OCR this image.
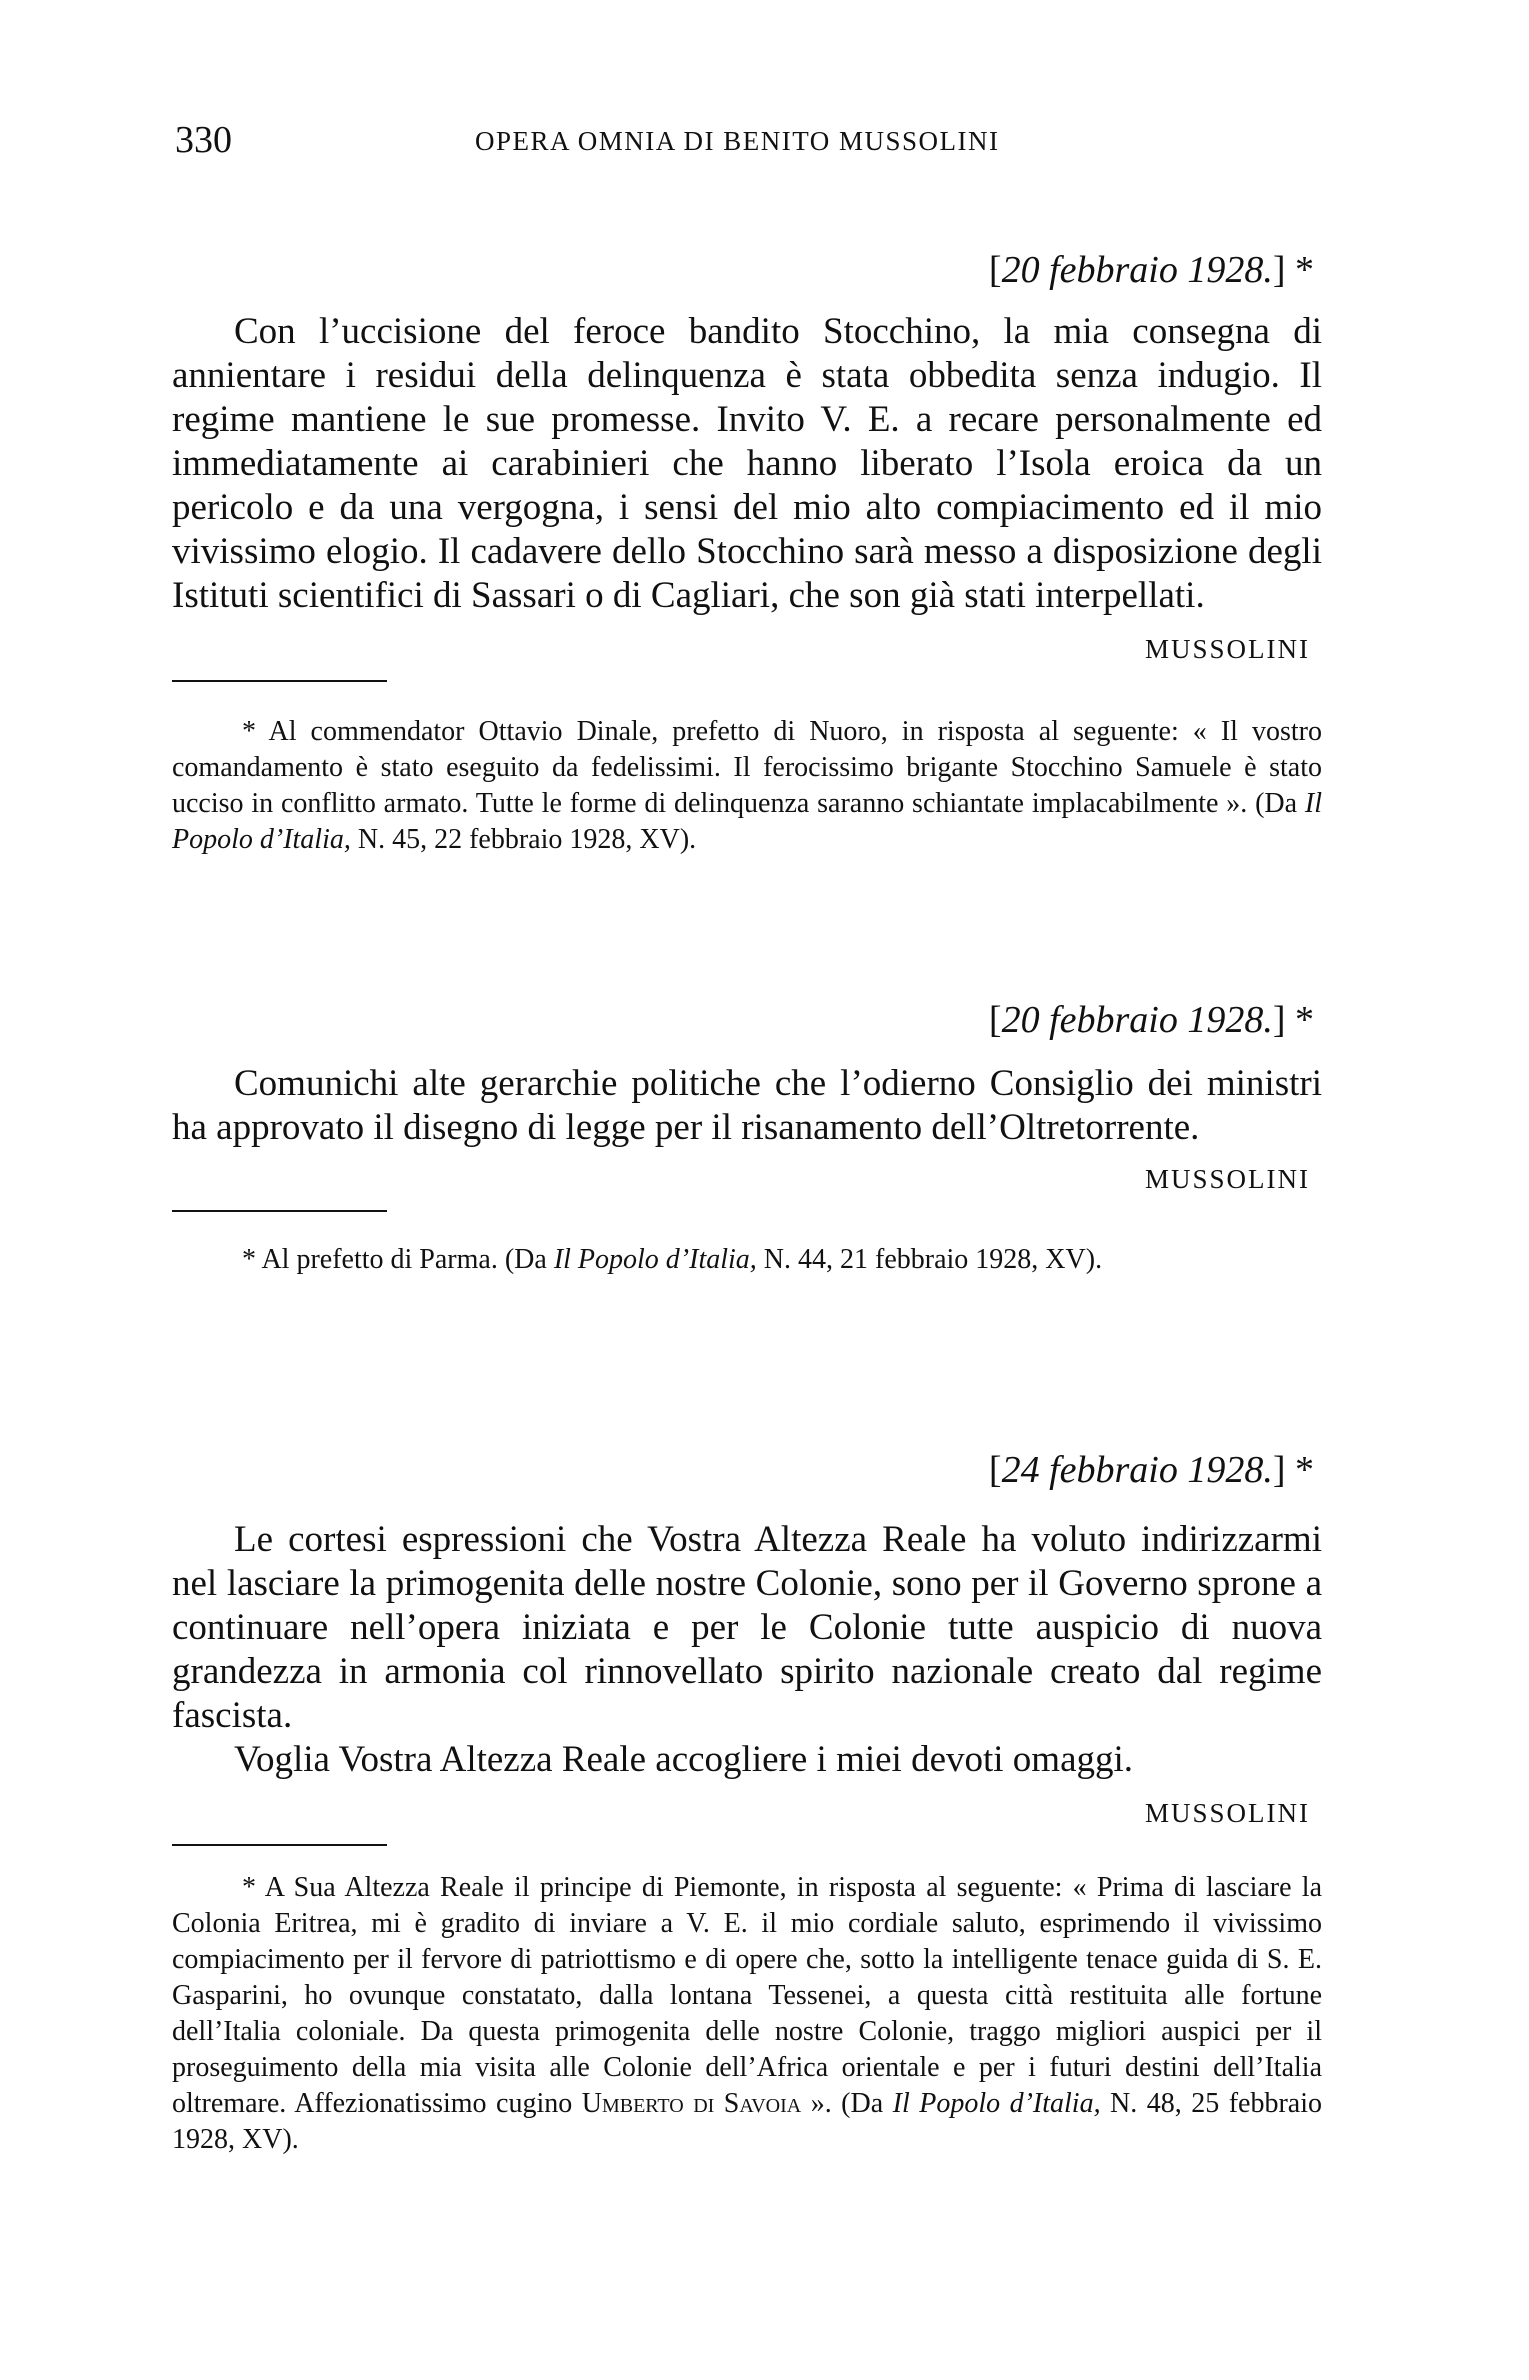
330	OPERA OMNIA DI BENITO MUSSOLINI

[20 febbraio 1928.] *

Con l’uccisione del feroce bandito Stocchino, la mia consegna di annientare i residui della delinquenza è stata obbedita senza indugio. Il regime mantiene le sue promesse. Invito V. E. a recare personalmente ed immediatamente ai carabinieri che hanno liberato l’Isola eroica da un pericolo e da una vergogna, i sensi del mio alto compiacimento ed il mio vivissimo elogio. Il cadavere dello Stocchino sarà messo a disposizione degli Istituti scientifici di Sassari o di Cagliari, che son già stati interpellati.

MUSSOLINI

* Al commendator Ottavio Dinale, prefetto di Nuoro, in risposta al seguente: « Il vostro comandamento è stato eseguito da fedelissimi. Il ferocissimo brigante Stocchino Samuele è stato ucciso in conflitto armato. Tutte le forme di delinquenza saranno schiantate implacabilmente ». (Da Il Popolo d’Italia, N. 45, 22 febbraio 1928, XV).

[20 febbraio 1928.] *

Comunichi alte gerarchie politiche che l’odierno Consiglio dei ministri ha approvato il disegno di legge per il risanamento dell’Oltretorrente.

MUSSOLINI

* Al prefetto di Parma. (Da Il Popolo d’Italia, N. 44, 21 febbraio 1928, XV).

[24 febbraio 1928.] *

Le cortesi espressioni che Vostra Altezza Reale ha voluto indirizzarmi nel lasciare la primogenita delle nostre Colonie, sono per il Governo sprone a continuare nell’opera iniziata e per le Colonie tutte auspicio di nuova grandezza in armonia col rinnovellato spirito nazionale creato dal regime fascista.

Voglia Vostra Altezza Reale accogliere i miei devoti omaggi.

MUSSOLINI

* A Sua Altezza Reale il principe di Piemonte, in risposta al seguente: « Prima di lasciare la Colonia Eritrea, mi è gradito di inviare a V. E. il mio cordiale saluto, esprimendo il vivissimo compiacimento per il fervore di patriottismo e di opere che, sotto la intelligente tenace guida di S. E. Gasparini, ho ovunque constatato, dalla lontana Tessenei, a questa città restituita alle fortune dell’Italia coloniale. Da questa primogenita delle nostre Colonie, traggo migliori auspici per il proseguimento della mia visita alle Colonie dell’Africa orientale e per i futuri destini dell’Italia oltremare. Affezionatissimo cugino Umberto di Savoia ». (Da Il Popolo d’Italia, N. 48, 25 febbraio 1928, XV).
